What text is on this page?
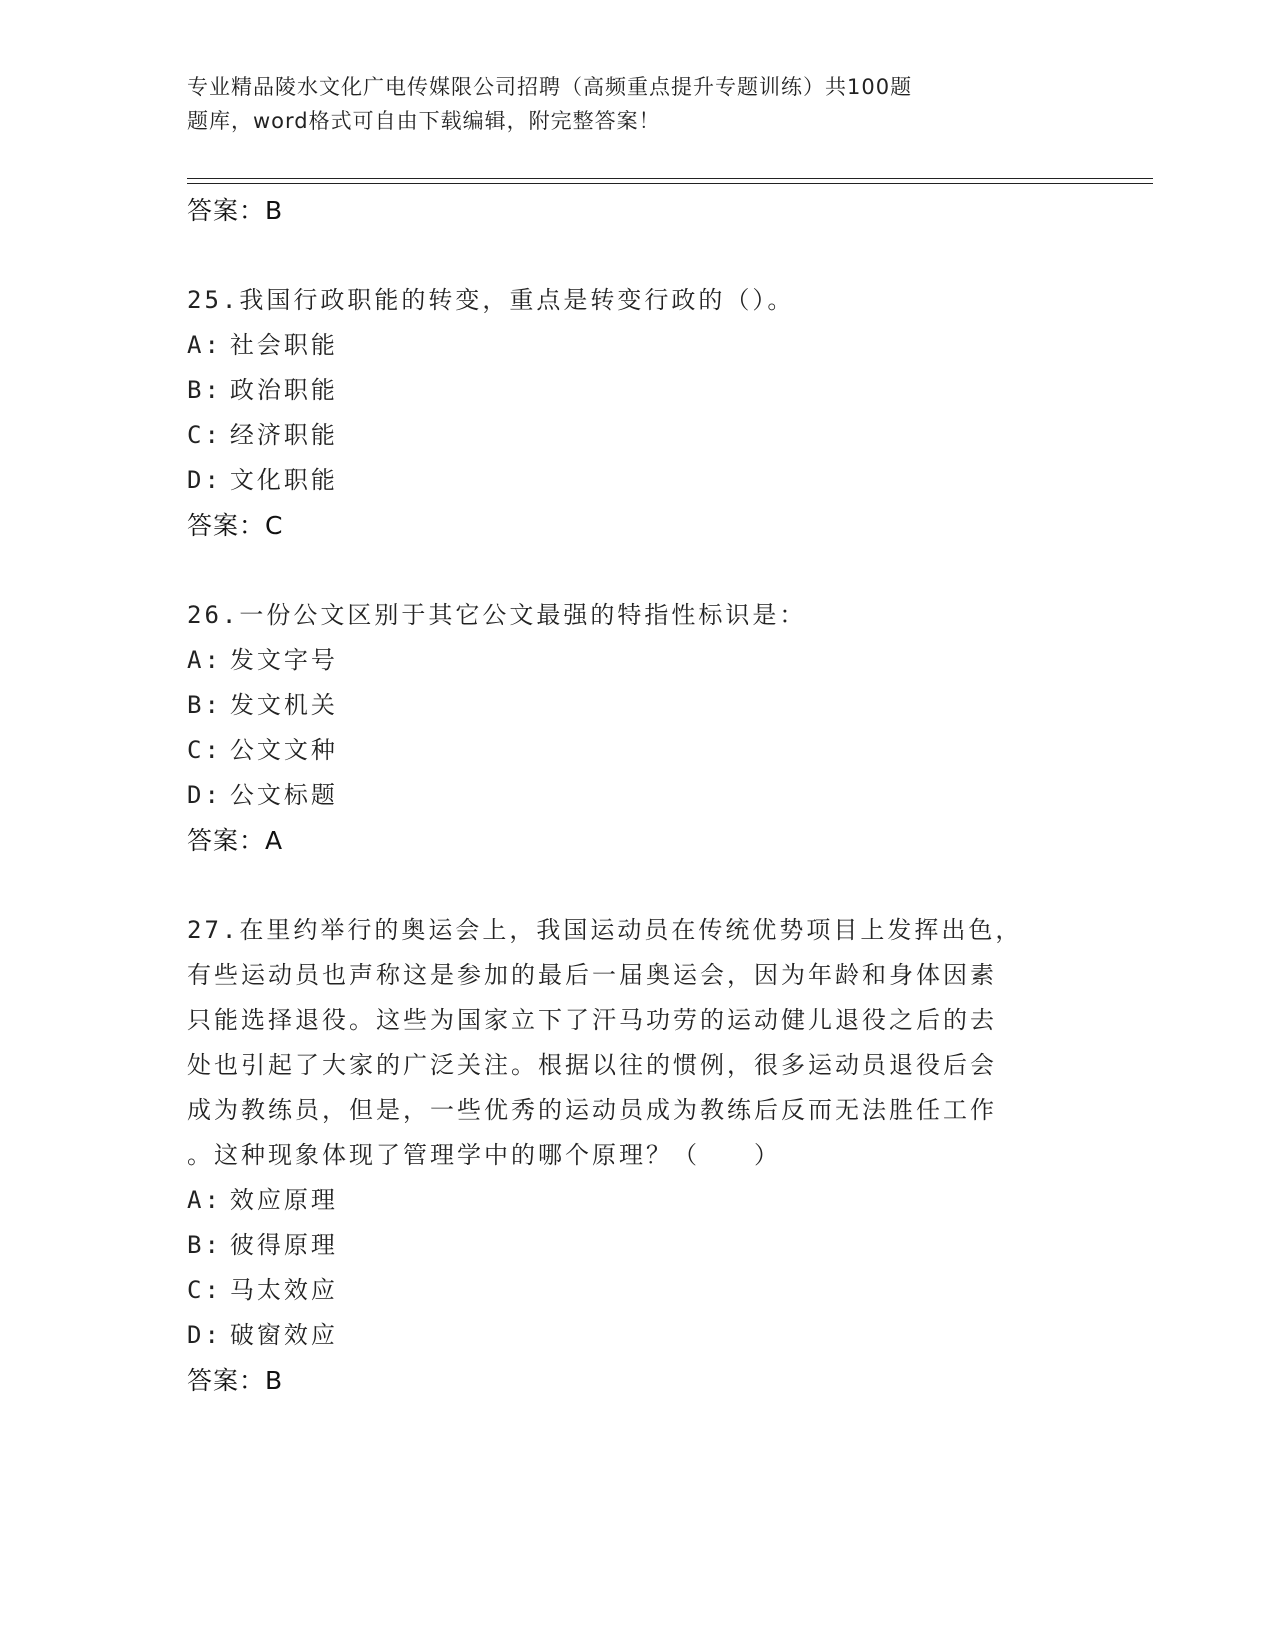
专业精品陵水文化广电传媒限公司招聘（高频重点提升专题训练）共100题
题库，word格式可自由下载编辑，附完整答案！
答案：B
25.我国行政职能的转变，重点是转变行政的（）。
A: 社会职能
B: 政治职能
C: 经济职能
D: 文化职能
答案：C
26.一份公文区别于其它公文最强的特指性标识是：
A: 发文字号
B: 发文机关
C: 公文文种
D: 公文标题
答案：A
27.在里约举行的奥运会上，我国运动员在传统优势项目上发挥出色，
有些运动员也声称这是参加的最后一届奥运会，因为年龄和身体因素
只能选择退役。这些为国家立下了汗马功劳的运动健儿退役之后的去
处也引起了大家的广泛关注。根据以往的惯例，很多运动员退役后会
成为教练员，但是，一些优秀的运动员成为教练后反而无法胜任工作
。这种现象体现了管理学中的哪个原理？（　　）
A: 效应原理
B: 彼得原理
C: 马太效应
D: 破窗效应
答案：B
